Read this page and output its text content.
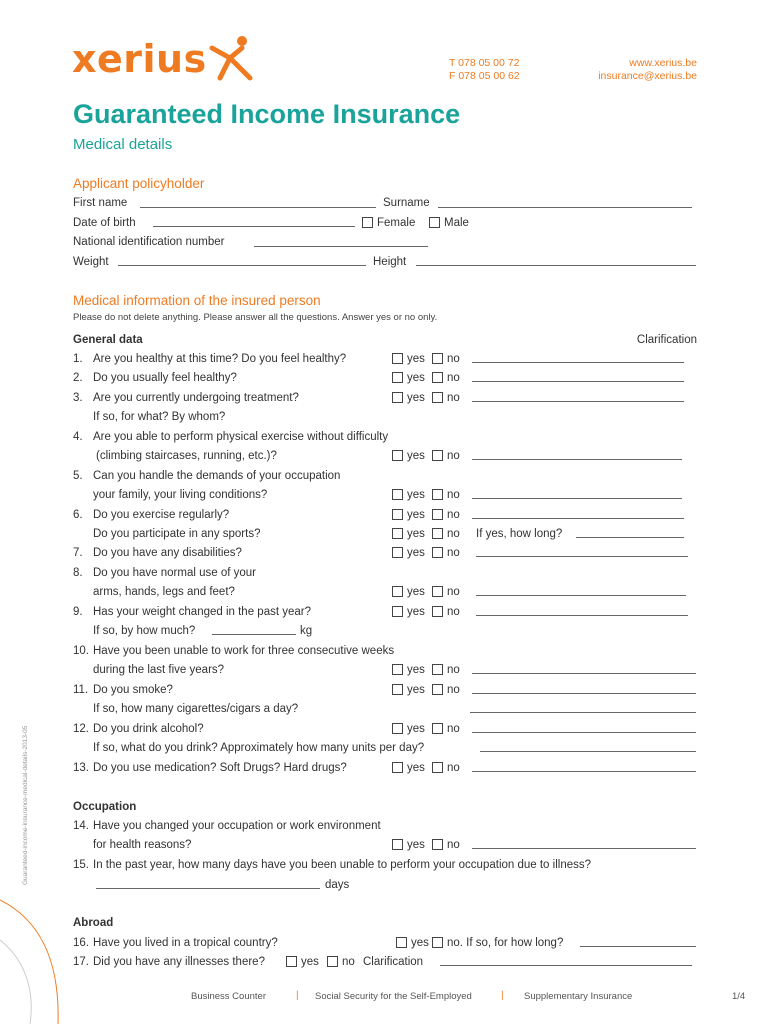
xerius	T 078 05 00 72
F 078 05 00 62
www.xerius.be
insurance@xerius.be
Guaranteed Income Insurance
Medical details
Applicant policyholder
First name	Surname
Date of birth	Female Male
National identification number
Weight	Height
Medical information of the insured person
Please do not delete anything. Please answer all the questions. Answer yes or no only.
General data	Clarification
1. Are you healthy at this time? Do you feel healthy?	yes no
2. Do you usually feel healthy?	yes no
3. Are you currently undergoing treatment?	yes no
If so, for what? By whom?
4. Are you able to perform physical exercise without difficulty
(climbing staircases, running, etc.)?	yes no
5. Can you handle the demands of your occupation
your family, your living conditions?	yes no
6. Do you exercise regularly?	yes no
Do you participate in any sports?	yes no If yes, how long?
7. Do you have any disabilities?	yes no
8. Do you have normal use of your
arms, hands, legs and feet?	yes no
9. Has your weight changed in the past year?	yes no
If so, by how much?	kg
10. Have you been unable to work for three consecutive weeks
during the last five years?	yes no
11. Do you smoke?	yes no
If so, how many cigarettes/cigars a day?
12. Do you drink alcohol?	yes no
If so, what do you drink? Approximately how many units per day?
13. Do you use medication? Soft Drugs? Hard drugs?	yes no
Occupation
14. Have you changed your occupation or work environment
for health reasons?	yes no
15. In the past year, how many days have you been unable to perform your occupation due to illness?
days
Abroad
16. Have you lived in a tropical country?	yes no. If so, for how long?
17. Did you have any illnesses there?	yes no Clarification
Guaranteed-income-insurance-medical-details-2013-05
Business Counter	| Social Security for the Self-Employed	| Supplementary Insurance	1/4
